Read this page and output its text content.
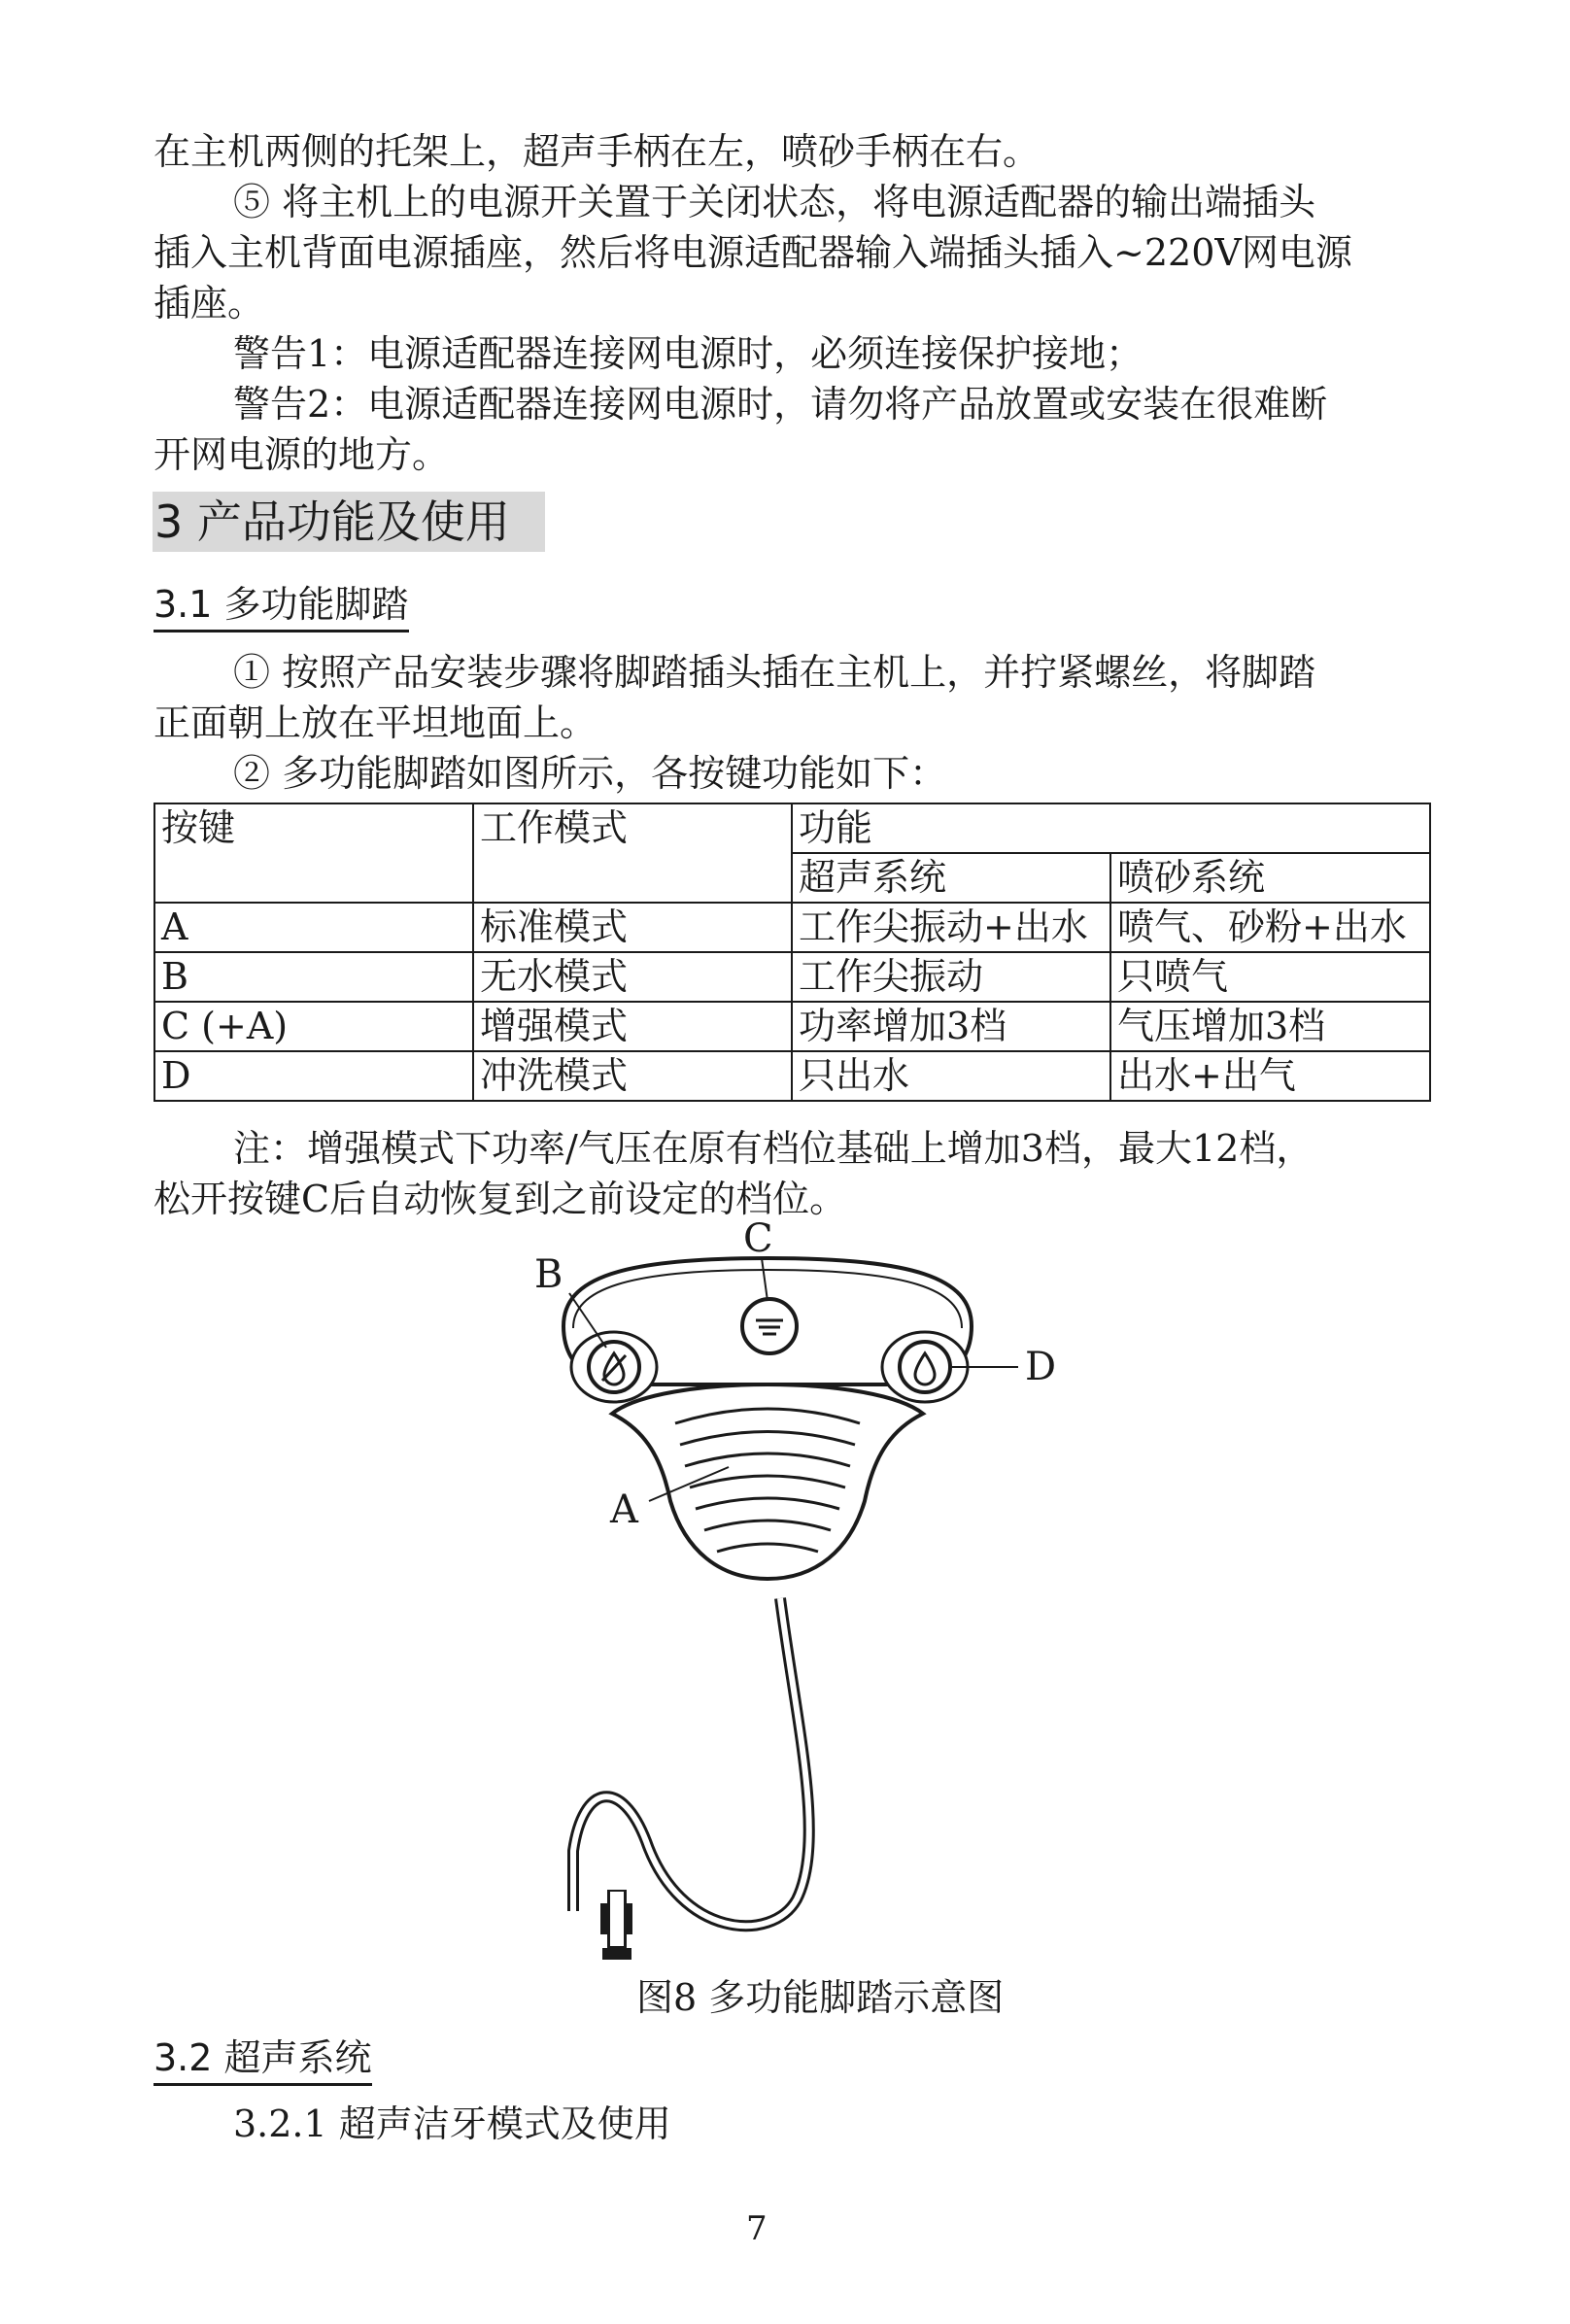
在主机两侧的托架上，超声手柄在左，喷砂手柄在右。
⑤ 将主机上的电源开关置于关闭状态，将电源适配器的输出端插头
插入主机背面电源插座，然后将电源适配器输入端插头插入~220V网电源
插座。
警告1：电源适配器连接网电源时，必须连接保护接地；
警告2：电源适配器连接网电源时，请勿将产品放置或安装在很难断
开网电源的地方。
3 产品功能及使用
3.1 多功能脚踏
① 按照产品安装步骤将脚踏插头插在主机上，并拧紧螺丝，将脚踏
正面朝上放在平坦地面上。
② 多功能脚踏如图所示，各按键功能如下：
按键	工作模式	功能	
		超声系统	喷砂系统
A	标准模式	工作尖振动+出水	喷气、砂粉+出水
B	无水模式	工作尖振动	只喷气
C (+A)	增强模式	功率增加3档	气压增加3档
D	冲洗模式	只出水	出水+出气
注：增强模式下功率/气压在原有档位基础上增加3档，最大12档，
松开按键C后自动恢复到之前设定的档位。
B
C
D
A
图8 多功能脚踏示意图
3.2 超声系统
3.2.1 超声洁牙模式及使用
7
